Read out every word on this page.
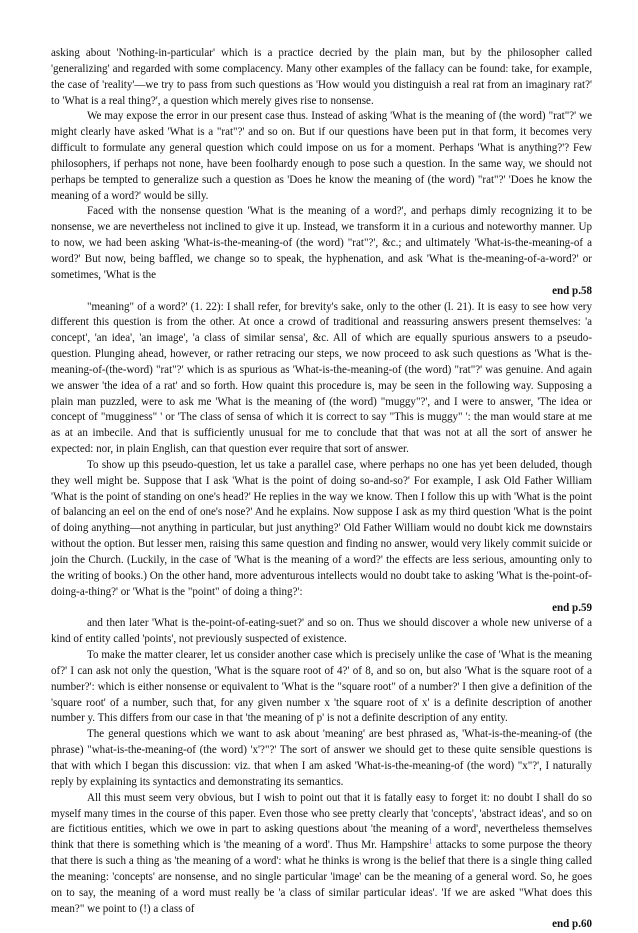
asking about 'Nothing-in-particular' which is a practice decried by the plain man, but by the philosopher called 'generalizing' and regarded with some complacency. Many other examples of the fallacy can be found: take, for example, the case of 'reality'—we try to pass from such questions as 'How would you distinguish a real rat from an imaginary rat?' to 'What is a real thing?', a question which merely gives rise to nonsense.

We may expose the error in our present case thus. Instead of asking 'What is the meaning of (the word) "rat"?' we might clearly have asked 'What is a "rat"?' and so on. But if our questions have been put in that form, it becomes very difficult to formulate any general question which could impose on us for a moment. Perhaps 'What is anything?'? Few philosophers, if perhaps not none, have been foolhardy enough to pose such a question. In the same way, we should not perhaps be tempted to generalize such a question as 'Does he know the meaning of (the word) "rat"?' 'Does he know the meaning of a word?' would be silly.

Faced with the nonsense question 'What is the meaning of a word?', and perhaps dimly recognizing it to be nonsense, we are nevertheless not inclined to give it up. Instead, we transform it in a curious and noteworthy manner. Up to now, we had been asking 'What-is-the-meaning-of (the word) "rat"?', &c.; and ultimately 'What-is-the-meaning-of a word?' But now, being baffled, we change so to speak, the hyphenation, and ask 'What is the-meaning-of-a-word?' or sometimes, 'What is the

end p.58

"meaning" of a word?' (1. 22): I shall refer, for brevity's sake, only to the other (l. 21). It is easy to see how very different this question is from the other. At once a crowd of traditional and reassuring answers present themselves: 'a concept', 'an idea', 'an image', 'a class of similar sensa', &c. All of which are equally spurious answers to a pseudo-question. Plunging ahead, however, or rather retracing our steps, we now proceed to ask such questions as 'What is the-meaning-of-(the-word) "rat"?' which is as spurious as 'What-is-the-meaning-of (the word) "rat"?' was genuine. And again we answer 'the idea of a rat' and so forth. How quaint this procedure is, may be seen in the following way. Supposing a plain man puzzled, were to ask me 'What is the meaning of (the word) "muggy"?', and I were to answer, 'The idea or concept of "mugginess" ' or 'The class of sensa of which it is correct to say "This is muggy" ': the man would stare at me as at an imbecile. And that is sufficiently unusual for me to conclude that that was not at all the sort of answer he expected: nor, in plain English, can that question ever require that sort of answer.

To show up this pseudo-question, let us take a parallel case, where perhaps no one has yet been deluded, though they well might be. Suppose that I ask 'What is the point of doing so-and-so?' For example, I ask Old Father William 'What is the point of standing on one's head?' He replies in the way we know. Then I follow this up with 'What is the point of balancing an eel on the end of one's nose?' And he explains. Now suppose I ask as my third question 'What is the point of doing anything—not anything in particular, but just anything?' Old Father William would no doubt kick me downstairs without the option. But lesser men, raising this same question and finding no answer, would very likely commit suicide or join the Church. (Luckily, in the case of 'What is the meaning of a word?' the effects are less serious, amounting only to the writing of books.) On the other hand, more adventurous intellects would no doubt take to asking 'What is the-point-of-doing-a-thing?' or 'What is the "point" of doing a thing?':

end p.59

and then later 'What is the-point-of-eating-suet?' and so on. Thus we should discover a whole new universe of a kind of entity called 'points', not previously suspected of existence.

To make the matter clearer, let us consider another case which is precisely unlike the case of 'What is the meaning of?' I can ask not only the question, 'What is the square root of 4?' of 8, and so on, but also 'What is the square root of a number?': which is either nonsense or equivalent to 'What is the "square root" of a number?' I then give a definition of the 'square root' of a number, such that, for any given number x 'the square root of x' is a definite description of another number y. This differs from our case in that 'the meaning of p' is not a definite description of any entity.

The general questions which we want to ask about 'meaning' are best phrased as, 'What-is-the-meaning-of (the phrase) "what-is-the-meaning-of (the word) 'x'?"?' The sort of answer we should get to these quite sensible questions is that with which I began this discussion: viz. that when I am asked 'What-is-the-meaning-of (the word) "x"?', I naturally reply by explaining its syntactics and demonstrating its semantics.

All this must seem very obvious, but I wish to point out that it is fatally easy to forget it: no doubt I shall do so myself many times in the course of this paper. Even those who see pretty clearly that 'concepts', 'abstract ideas', and so on are fictitious entities, which we owe in part to asking questions about 'the meaning of a word', nevertheless themselves think that there is something which is 'the meaning of a word'. Thus Mr. Hampshire$^1$ attacks to some purpose the theory that there is such a thing as 'the meaning of a word': what he thinks is wrong is the belief that there is a single thing called the meaning: 'concepts' are nonsense, and no single particular 'image' can be the meaning of a general word. So, he goes on to say, the meaning of a word must really be 'a class of similar particular ideas'. 'If we are asked "What does this mean?" we point to (!) a class of

end p.60
